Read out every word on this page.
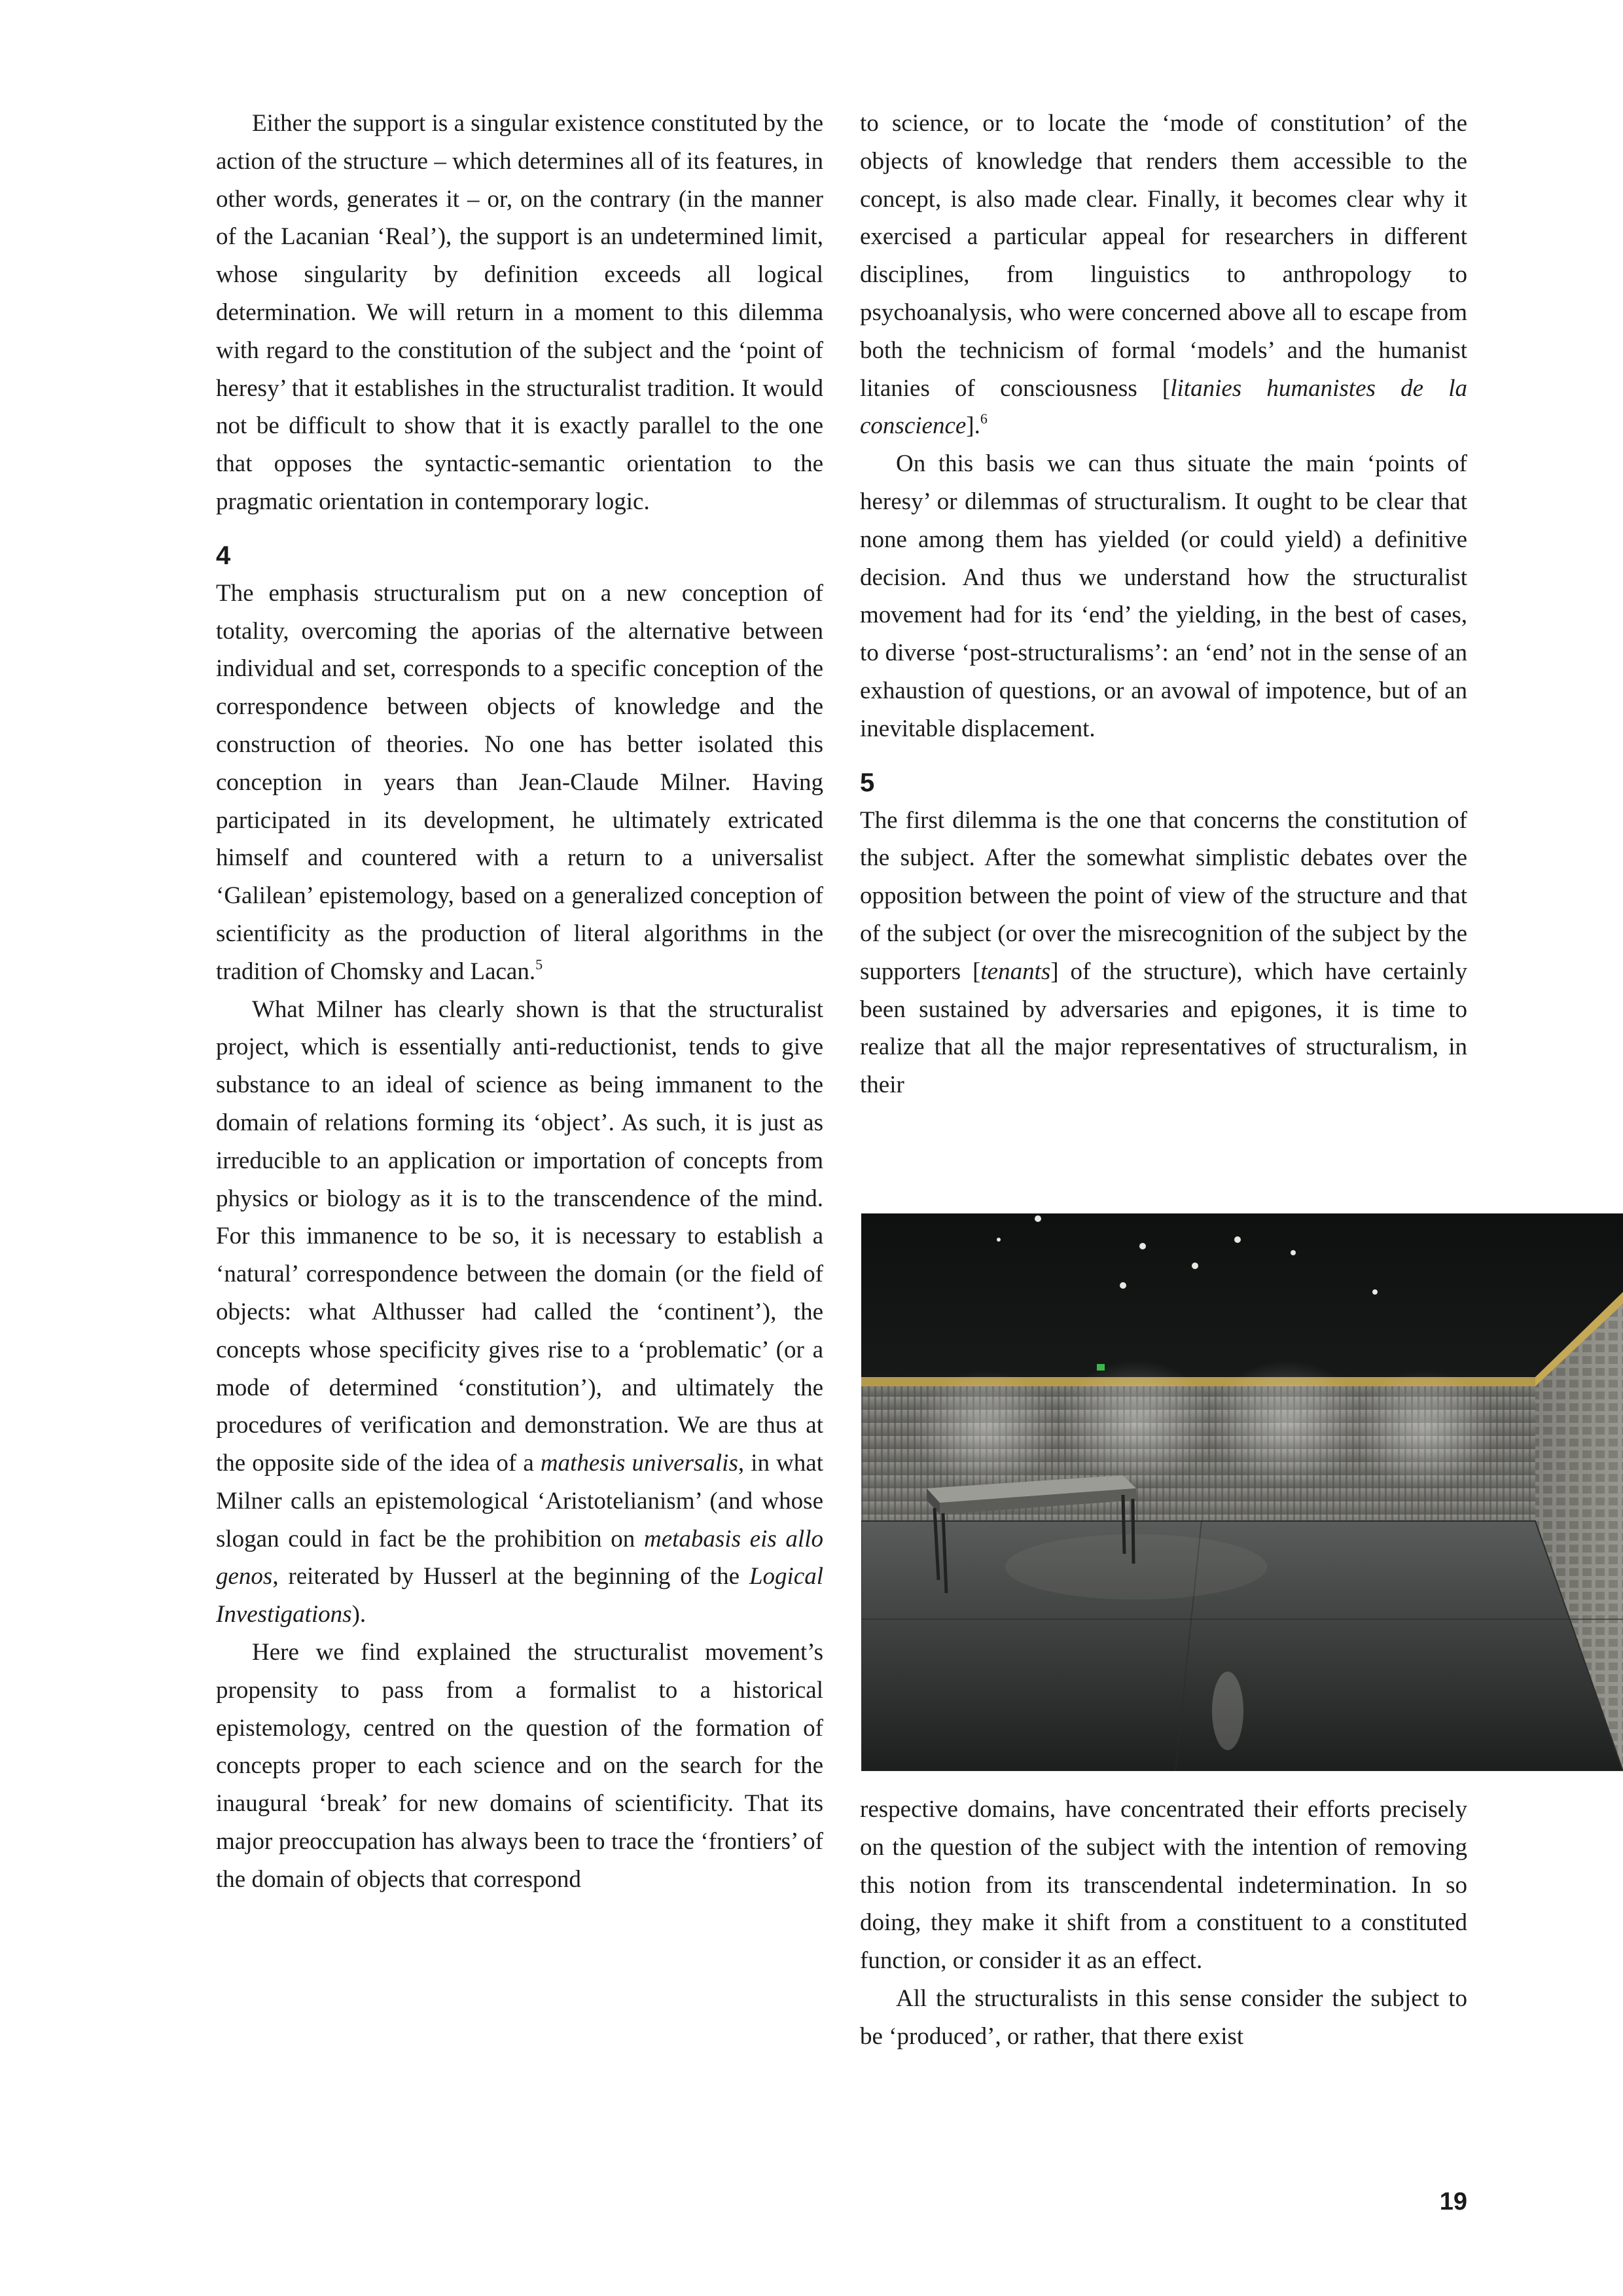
Either the support is a singular existence constituted by the action of the structure – which determines all of its features, in other words, generates it – or, on the contrary (in the manner of the Lacanian ‘Real’), the support is an undetermined limit, whose singularity by definition exceeds all logical determination. We will return in a moment to this dilemma with regard to the constitution of the subject and the ‘point of heresy’ that it establishes in the structuralist tradition. It would not be difficult to show that it is exactly parallel to the one that opposes the syntactic-semantic orientation to the pragmatic orientation in contemporary logic.

4

The emphasis structuralism put on a new conception of totality, overcoming the aporias of the alternative between individual and set, corresponds to a specific conception of the correspondence between objects of knowledge and the construction of theories. No one has better isolated this conception in years than Jean-Claude Milner. Having participated in its development, he ultimately extricated himself and countered with a return to a universalist ‘Galilean’ epistemology, based on a generalized conception of scientificity as the production of literal algorithms in the tradition of Chomsky and Lacan.$^5$

What Milner has clearly shown is that the structuralist project, which is essentially anti-reductionist, tends to give substance to an ideal of science as being immanent to the domain of relations forming its ‘object’. As such, it is just as irreducible to an application or importation of concepts from physics or biology as it is to the transcendence of the mind. For this immanence to be so, it is necessary to establish a ‘natural’ correspondence between the domain (or the field of objects: what Althusser had called the ‘continent’), the concepts whose specificity gives rise to a ‘problematic’ (or a mode of determined ‘constitution’), and ultimately the procedures of verification and demonstration. We are thus at the opposite side of the idea of a mathesis universalis, in what Milner calls an epistemological ‘Aristotelianism’ (and whose slogan could in fact be the prohibition on metabasis eis allo genos, reiterated by Husserl at the beginning of the Logical Investigations).

Here we find explained the structuralist movement’s propensity to pass from a formalist to a historical epistemology, centred on the question of the formation of concepts proper to each science and on the search for the inaugural ‘break’ for new domains of scientificity. That its major preoccupation has always been to trace the ‘frontiers’ of the domain of objects that correspond

to science, or to locate the ‘mode of constitution’ of the objects of knowledge that renders them accessible to the concept, is also made clear. Finally, it becomes clear why it exercised a particular appeal for researchers in different disciplines, from linguistics to anthropology to psychoanalysis, who were concerned above all to escape from both the technicism of formal ‘models’ and the humanist litanies of consciousness [litanies humanistes de la conscience].$^6$

On this basis we can thus situate the main ‘points of heresy’ or dilemmas of structuralism. It ought to be clear that none among them has yielded (or could yield) a definitive decision. And thus we understand how the structuralist movement had for its ‘end’ the yielding, in the best of cases, to diverse ‘post-structuralisms’: an ‘end’ not in the sense of an exhaustion of questions, or an avowal of impotence, but of an inevitable displacement.

5

The first dilemma is the one that concerns the constitution of the subject. After the somewhat simplistic debates over the opposition between the point of view of the structure and that of the subject (or over the misrecognition of the subject by the supporters [tenants] of the structure), which have certainly been sustained by adversaries and epigones, it is time to realize that all the major representatives of structuralism, in their

respective domains, have concentrated their efforts precisely on the question of the subject with the intention of removing this notion from its transcendental indetermination. In so doing, they make it shift from a constituent to a constituted function, or consider it as an effect.

All the structuralists in this sense consider the subject to be ‘produced’, or rather, that there exist

19
